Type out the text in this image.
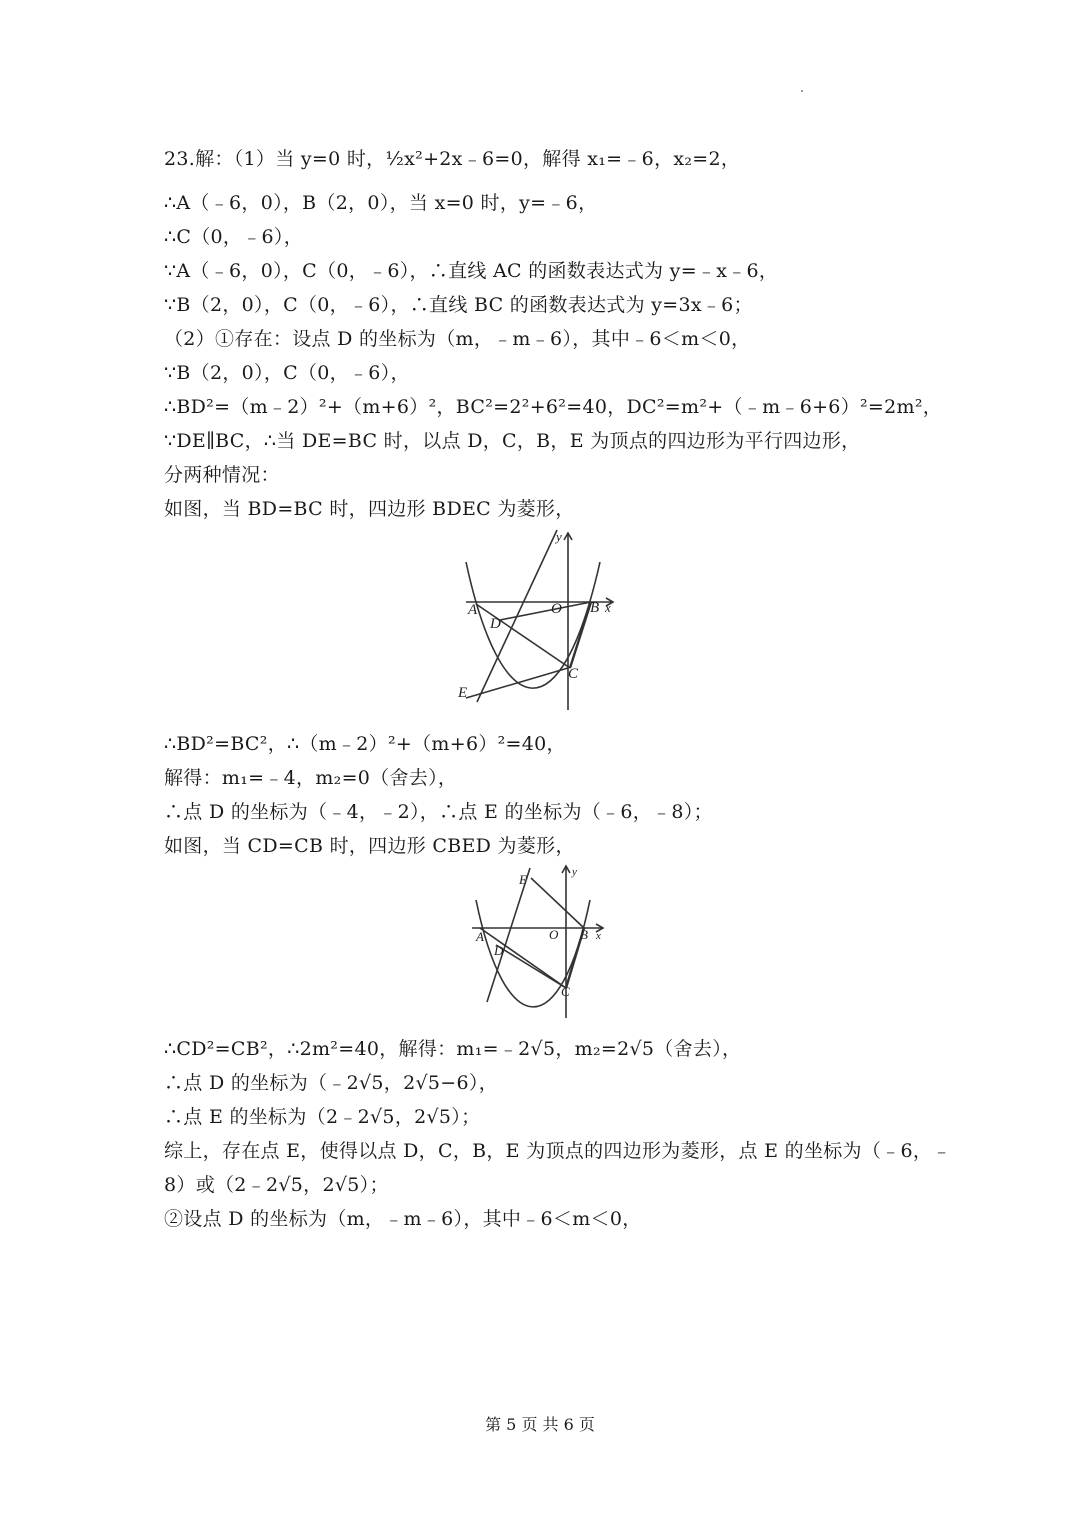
23.解：（1）当 y=0 时，½x²+2x﹣6=0，解得 x₁=﹣6，x₂=2，
∴A（﹣6，0），B（2，0），当 x=0 时，y=﹣6，
∴C（0，﹣6），
∵A（﹣6，0），C（0，﹣6），∴直线 AC 的函数表达式为 y=﹣x﹣6，
∵B（2，0），C（0，﹣6），∴直线 BC 的函数表达式为 y=3x﹣6；
（2）①存在：设点 D 的坐标为（m，﹣m﹣6），其中﹣6＜m＜0，
∵B（2，0），C（0，﹣6），
∴BD²=（m﹣2）²+（m+6）²，BC²=2²+6²=40，DC²=m²+（﹣m﹣6+6）²=2m²，
∵DE∥BC，∴当 DE=BC 时，以点 D，C，B，E 为顶点的四边形为平行四边形，
分两种情况：
如图，当 BD=BC 时，四边形 BDEC 为菱形，
A
D
O B x
y
C
E
∴BD²=BC²，∴（m﹣2）²+（m+6）²=40，
解得：m₁=﹣4，m₂=0（舍去），
∴点 D 的坐标为（﹣4，﹣2），∴点 E 的坐标为（﹣6，﹣8）；
如图，当 CD=CB 时，四边形 CBED 为菱形，
E
A
D
O B x
y
C
∴CD²=CB²，∴2m²=40，解得：m₁=﹣2√5，m₂=2√5（舍去），
∴点 D 的坐标为（﹣2√5，2√5−6），
∴点 E 的坐标为（2﹣2√5，2√5）；
综上，存在点 E，使得以点 D，C，B，E 为顶点的四边形为菱形，点 E 的坐标为（﹣6，﹣
8）或（2﹣2√5，2√5）；
②设点 D 的坐标为（m，﹣m﹣6），其中﹣6＜m＜0，
第 5 页 共 6 页
